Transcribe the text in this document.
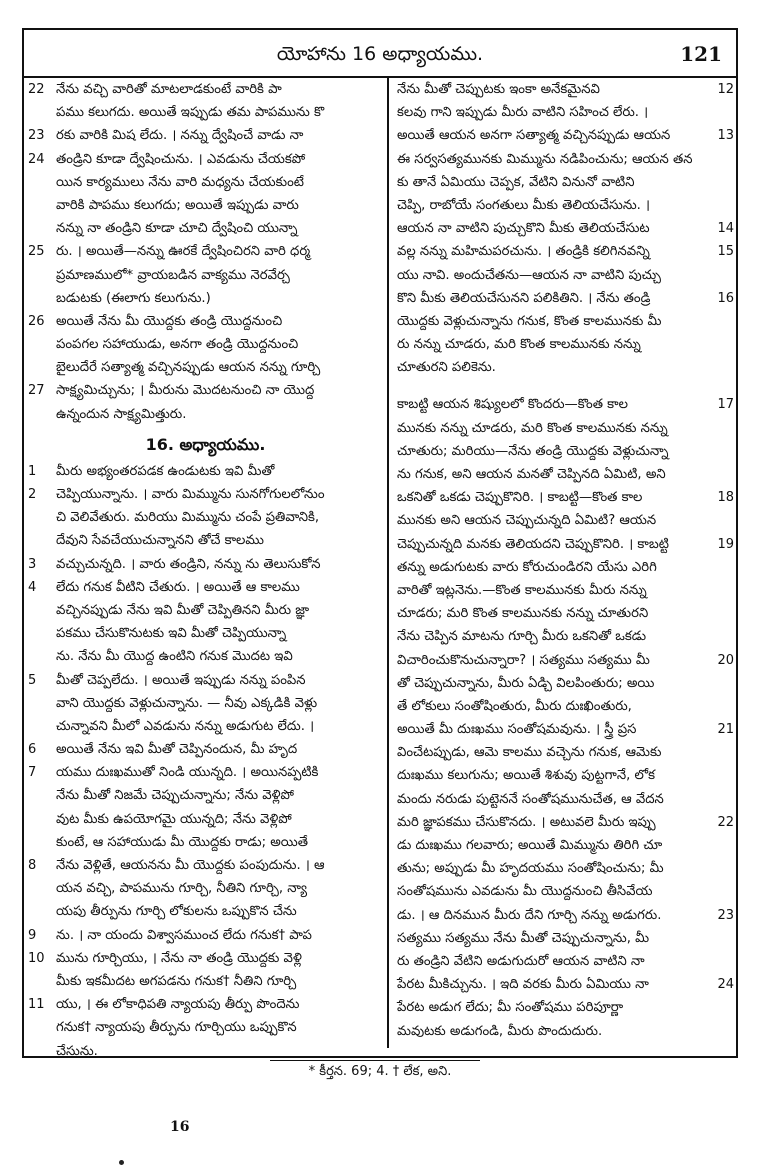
యోహాను 16 అధ్యాయము.	121
22 నేను వచ్చి వారితో మాటలాడకుంటే వారికి పా
పము కలుగదు. అయితే ఇప్పుడు తమ పాపమును కొ
23 రకు వారికి మిష లేదు. । నన్ను ద్వేషించే వాడు నా
24 తండ్రిని కూడా ద్వేషించును. । ఎవడును చేయకపో
యిన కార్యములు నేను వారి మధ్యను చేయకుంటే
వారికి పాపము కలుగదు; అయితే ఇప్పుడు వారు
నన్ను నా తండ్రిని కూడా చూచి ద్వేషించి యున్నా
25 రు. । అయితే—నన్ను ఊరకే ద్వేషించిరని వారి ధర్మ
ప్రమాణములో* వ్రాయబడిన వాక్యము నెరవేర్చ
బడుటకు (ఈలాగు కలుగును.)
26 అయితే నేను మీ యొద్దకు తండ్రి యొద్దనుంచి
పంపగల సహాయుడు, అనగా తండ్రి యొద్దనుంచి
బైలుదేరే సత్యాత్మ వచ్చినప్పుడు ఆయన నన్ను గూర్చి
27 సాక్ష్యమిచ్చును; । మీరును మొదటనుంచి నా యొద్ద
ఉన్నందున సాక్ష్యమిత్తురు.
16. అధ్యాయము.
1	మీరు అభ్యంతరపడక ఉండుటకు ఇవి మీతో
2	చెప్పియున్నాను. । వారు మిమ్మును సునగోగులలోనుం
చి వెలివేతురు. మరియు మిమ్మును చంపే ప్రతివానికి,
దేవుని సేవచేయుచున్నానని తోచే కాలము
3	వచ్చుచున్నది. । వారు తండ్రిని, నన్ను ను తెలుసుకోన
4	లేదు గనుక వీటిని చేతురు. । అయితే ఆ కాలము
వచ్చినప్పుడు నేను ఇవి మీతో చెప్పితినని మీరు జ్ఞా
పకము చేసుకొనుటకు ఇవి మీతో చెప్పియున్నా
ను. నేను మీ యొద్ద ఉంటిని గనుక మొదట ఇవి
5	మీతో చెప్పలేదు. । అయితే ఇప్పుడు నన్ను పంపిన
వాని యొద్దకు వెళ్లుచున్నాను. — నీవు ఎక్కడికి వెళ్లు
చున్నావని మీలో ఎవడును నన్ను అడుగుట లేదు. ।
6	అయితే నేను ఇవి మీతో చెప్పినందున, మీ హృద
7	యము దుఃఖముతో నిండి యున్నది. । అయినప్పటికి
నేను మీతో నిజమే చెప్పుచున్నాను; నేను వెళ్లిపో
వుట మీకు ఉపయోగమై యున్నది; నేను వెళ్లిపో
కుంటే, ఆ సహాయుడు మీ యొద్దకు రాడు; అయితే
8	నేను వెళ్లితే, ఆయనను మీ యొద్దకు పంపుదును. । ఆ
యన వచ్చి, పాపమును గూర్చి, నీతిని గూర్చి, న్యా
యపు తీర్పును గూర్చి లోకులను ఒప్పుకొన చేను
9	ను. । నా యందు విశ్వాసముంచ లేదు గనుక† పాప
10 మును గూర్చియు, । నేను నా తండ్రి యొద్దకు వెళ్లి
మీకు ఇకమీదట అగపడను గనుక† నీతిని గూర్చి
11 యు, । ఈ లోకాధిపతి న్యాయపు తీర్పు పొందెను
గనుక† న్యాయపు తీర్పును గూర్చియు ఒప్పుకొన
చేసును.
12
నేను మీతో చెప్పుటకు ఇంకా అనేకమైనవి
కలవు గాని ఇప్పుడు మీరు వాటిని సహించ లేరు. ।
13
అయితే ఆయన అనగా సత్యాత్మ వచ్చినప్పుడు ఆయన
ఈ సర్వసత్యమునకు మిమ్మును నడిపించును; ఆయన తన
కు తానే ఏమియు చెప్పక, వేటిని వినునో వాటిని
చెప్పి, రాబోయే సంగతులు మీకు తెలియచేసును. ।
14
ఆయన నా వాటిని పుచ్చుకొని మీకు తెలియచేసుట
15
వల్ల నన్ను మహిమపరచును. । తండ్రికి కలిగినవన్ని
యు నావి. అందుచేతను—ఆయన నా వాటిని పుచ్చు
16
కొని మీకు తెలియచేసునని పలికితిని. । నేను తండ్రి
యొద్దకు వెళ్లుచున్నాను గనుక, కొంత కాలమునకు మీ
రు నన్ను చూడరు, మరి కొంత కాలమునకు నన్ను
చూతురని పలికెను.
17
కాబట్టి ఆయన శిష్యులలో కొందరు—కొంత కాల
మునకు నన్ను చూడరు, మరి కొంత కాలమునకు నన్ను
చూతురు; మరియు—నేను తండ్రి యొద్దకు వెళ్లుచున్నా
ను గనుక, అని ఆయన మనతో చెప్పినది ఏమిటి, అని
18
ఒకనితో ఒకడు చెప్పుకొనిరి. । కాబట్టి—కొంత కాల
మునకు అని ఆయన చెప్పుచున్నది ఏమిటి? ఆయన
19
చెప్పుచున్నది మనకు తెలియదని చెప్పుకొనిరి. । కాబట్టి
తన్ను అడుగుటకు వారు కోరుచుండిరని యేసు ఎరిగి
వారితో ఇట్లనెను.—కొంత కాలమునకు మీరు నన్ను
చూడరు; మరి కొంత కాలమునకు నన్ను చూతురని
నేను చెప్పిన మాటను గూర్చి మీరు ఒకనితో ఒకడు
20
విచారించుకొనుచున్నారా? । సత్యము సత్యము మీ
తో చెప్పుచున్నాను, మీరు ఏడ్చి విలపింతురు; అయి
తే లోకులు సంతోషింతురు, మీరు దుఃఖింతురు,
21
అయితే మీ దుఃఖము సంతోషమవును. । స్త్రీ ప్రస
వించేటప్పుడు, ఆమె కాలము వచ్చెను గనుక, ఆమెకు
దుఃఖము కలుగును; అయితే శిశువు పుట్టగానే, లోక
మందు నరుడు పుట్టెననే సంతోషమునుచేత, ఆ వేదన
22
మరి జ్ఞాపకము చేసుకొనదు. । అటువలె మీరు ఇప్పు
డు దుఃఖము గలవారు; అయితే మిమ్మును తిరిగి చూ
తును; అప్పుడు మీ హృదయము సంతోషించును; మీ
సంతోషమును ఎవడును మీ యొద్దనుంచి తీసివేయ
23
డు. । ఆ దినమున మీరు దేని గూర్చి నన్ను అడుగరు.
సత్యము సత్యము నేను మీతో చెప్పుచున్నాను, మీ
రు తండ్రిని వేటిని అడుగుదురో ఆయన వాటిని నా
24
పేరట మీకిచ్చును. । ఇది వరకు మీరు ఏమియు నా
పేరట అడుగ లేదు; మీ సంతోషము పరిపూర్ణా
మవుటకు అడుగండి, మీరు పొందుదురు.
* కీర్తన. 69; 4. † లేక, అని.
16
